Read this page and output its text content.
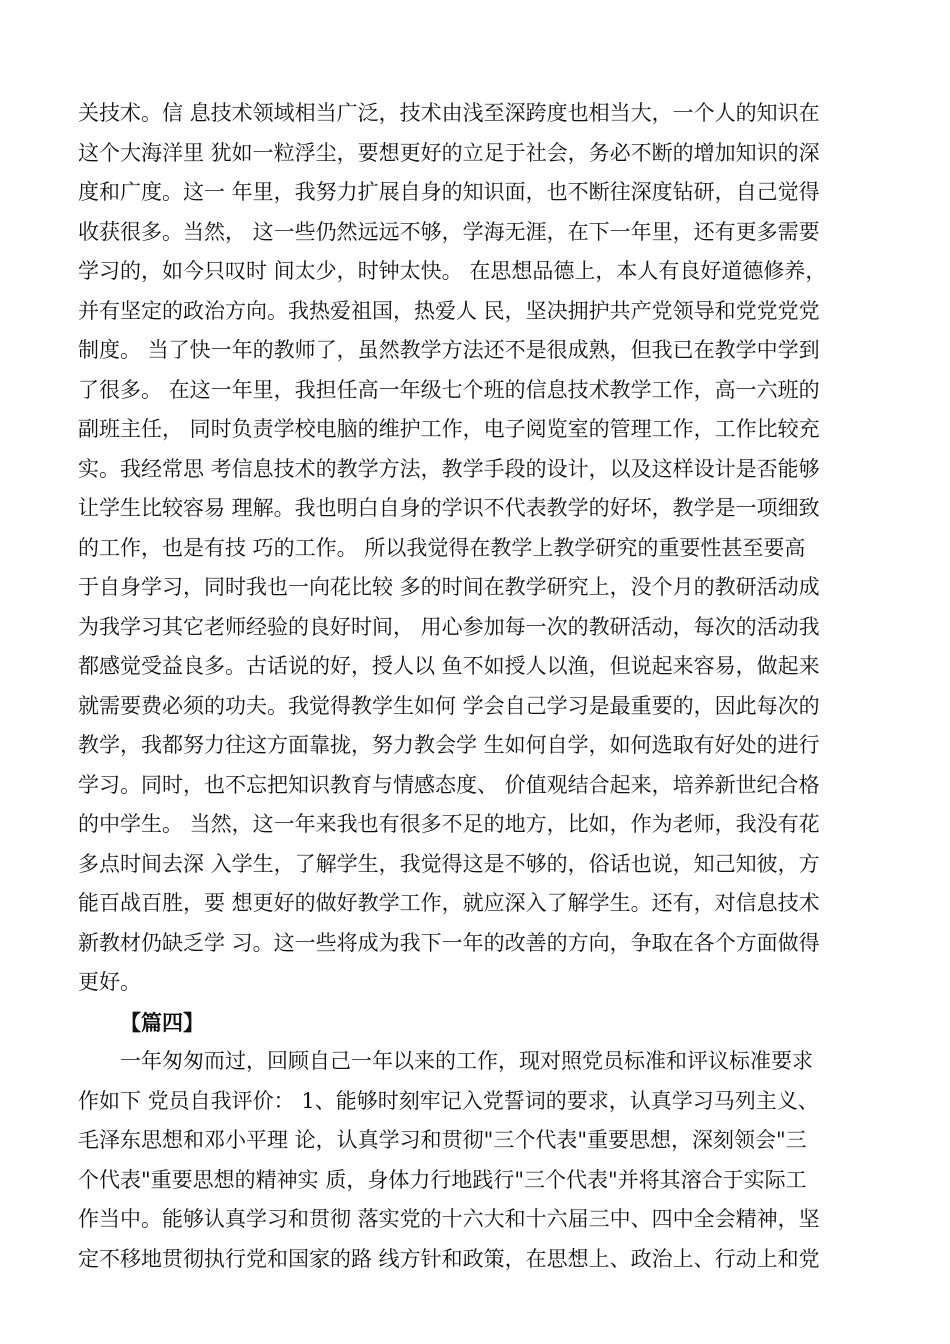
关技术。信 息技术领域相当广泛，技术由浅至深跨度也相当大，一个人的知识在
这个大海洋里 犹如一粒浮尘，要想更好的立足于社会，务必不断的增加知识的深
度和广度。这一 年里，我努力扩展自身的知识面，也不断往深度钻研，自己觉得
收获很多。当然， 这一些仍然远远不够，学海无涯，在下一年里，还有更多需要
学习的，如今只叹时 间太少，时钟太快。 在思想品德上，本人有良好道德修养，
并有坚定的政治方向。我热爱祖国，热爱人 民，坚决拥护共产党领导和党党党党
制度。 当了快一年的教师了，虽然教学方法还不是很成熟，但我已在教学中学到
了很多。 在这一年里，我担任高一年级七个班的信息技术教学工作，高一六班的
副班主任， 同时负责学校电脑的维护工作，电子阅览室的管理工作，工作比较充
实。我经常思 考信息技术的教学方法，教学手段的设计，以及这样设计是否能够
让学生比较容易 理解。我也明白自身的学识不代表教学的好坏，教学是一项细致
的工作，也是有技 巧的工作。 所以我觉得在教学上教学研究的重要性甚至要高
于自身学习，同时我也一向花比较 多的时间在教学研究上，没个月的教研活动成
为我学习其它老师经验的良好时间， 用心参加每一次的教研活动，每次的活动我
都感觉受益良多。古话说的好，授人以 鱼不如授人以渔，但说起来容易，做起来
就需要费必须的功夫。我觉得教学生如何 学会自己学习是最重要的，因此每次的
教学，我都努力往这方面靠拢，努力教会学 生如何自学，如何选取有好处的进行
学习。同时，也不忘把知识教育与情感态度、 价值观结合起来，培养新世纪合格
的中学生。 当然，这一年来我也有很多不足的地方，比如，作为老师，我没有花
多点时间去深 入学生，了解学生，我觉得这是不够的，俗话也说，知己知彼，方
能百战百胜，要 想更好的做好教学工作，就应深入了解学生。还有，对信息技术
新教材仍缺乏学 习。这一些将成为我下一年的改善的方向，争取在各个方面做得
更好。
【篇四】
一年匆匆而过，回顾自己一年以来的工作，现对照党员标准和评议标准要求
作如下 党员自我评价： 1、能够时刻牢记入党誓词的要求，认真学习马列主义、
毛泽东思想和邓小平理 论，认真学习和贯彻"三个代表"重要思想，深刻领会"三
个代表"重要思想的精神实 质，身体力行地践行"三个代表"并将其溶合于实际工
作当中。能够认真学习和贯彻 落实党的十六大和十六届三中、四中全会精神，坚
定不移地贯彻执行党和国家的路 线方针和政策，在思想上、政治上、行动上和党
